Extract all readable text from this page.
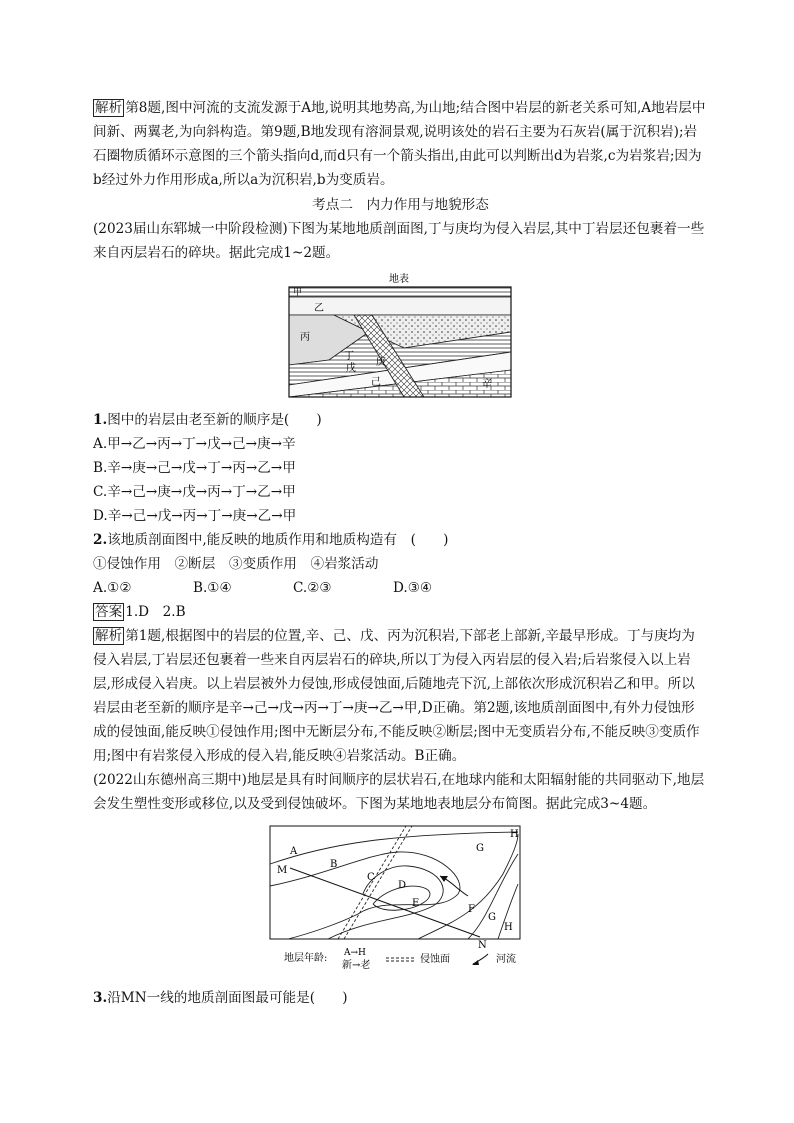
解析 第8题,图中河流的支流发源于A地,说明其地势高,为山地;结合图中岩层的新老关系可知,A地岩层中间新、两翼老,为向斜构造。第9题,B地发现有溶洞景观,说明该处的岩石主要为石灰岩(属于沉积岩);岩石圈物质循环示意图的三个箭头指向d,而d只有一个箭头指出,由此可以判断出d为岩浆,c为岩浆岩;因为b经过外力作用形成a,所以a为沉积岩,b为变质岩。

考点二　内力作用与地貌形态

(2023届山东郓城一中阶段检测)下图为某地地质剖面图,丁与庚均为侵入岩层,其中丁岩层还包裹着一些来自丙层岩石的碎块。据此完成1~2题。

地表
甲
乙
丙
丁
戊
己
庚
辛

1.图中的岩层由老至新的顺序是(　　)

A.甲→乙→丙→丁→戊→己→庚→辛

B.辛→庚→己→戊→丁→丙→乙→甲

C.辛→己→庚→戊→丙→丁→乙→甲

D.辛→己→戊→丙→丁→庚→乙→甲

2.该地质剖面图中,能反映的地质作用和地质构造有　(　　)

①侵蚀作用　②断层　③变质作用　④岩浆活动

A.①②	B.①④	C.②③	D.③④

答案 1.D　2.B

解析 第1题,根据图中的岩层的位置,辛、己、戊、丙为沉积岩,下部老上部新,辛最早形成。丁与庚均为侵入岩层,丁岩层还包裹着一些来自丙层岩石的碎块,所以丁为侵入丙岩层的侵入岩;后岩浆侵入以上岩层,形成侵入岩庚。以上岩层被外力侵蚀,形成侵蚀面,后随地壳下沉,上部依次形成沉积岩乙和甲。所以岩层由老至新的顺序是辛→己→戊→丙→丁→庚→乙→甲,D正确。第2题,该地质剖面图中,有外力侵蚀形成的侵蚀面,能反映①侵蚀作用;图中无断层分布,不能反映②断层;图中无变质岩分布,不能反映③变质作用;图中有岩浆侵入形成的侵入岩,能反映④岩浆活动。B正确。

(2022山东德州高三期中)地层是具有时间顺序的层状岩石,在地球内能和太阳辐射能的共同驱动下,地层会发生塑性变形或移位,以及受到侵蚀破坏。下图为某地地表地层分布简图。据此完成3~4题。

A
B
C
D
E
F
G
G
H
H
M
N
地层年龄: A→H
新→老
侵蚀面	河流

3.沿MN一线的地质剖面图最可能是(　　)
